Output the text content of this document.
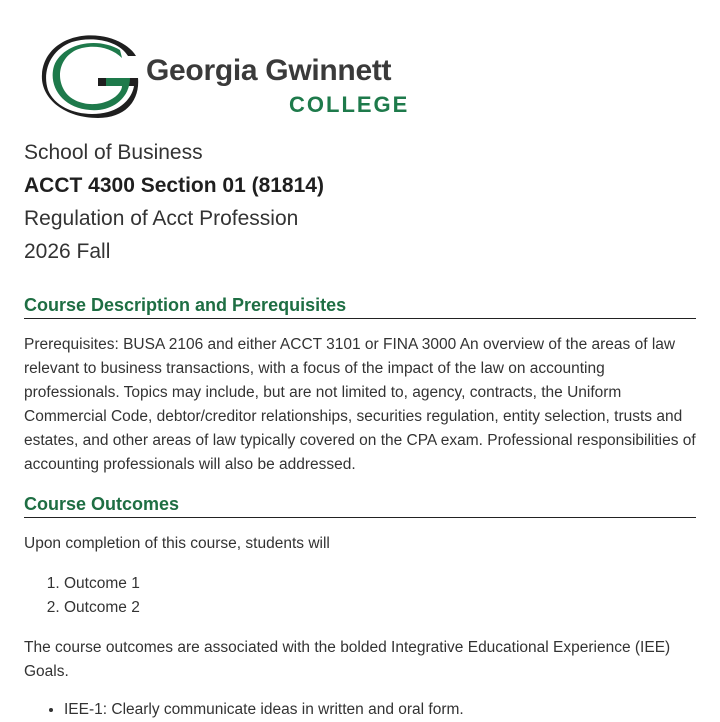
Georgia Gwinnett
COLLEGE
School of Business
ACCT 4300 Section 01 (81814)
Regulation of Acct Profession
2026 Fall
Course Description and Prerequisites
Prerequisites: BUSA 2106 and either ACCT 3101 or FINA 3000 An overview of the areas of law relevant to business transactions, with a focus of the impact of the law on accounting professionals. Topics may include, but are not limited to, agency, contracts, the Uniform Commercial Code, debtor/creditor relationships, securities regulation, entity selection, trusts and estates, and other areas of law typically covered on the CPA exam. Professional responsibilities of accounting professionals will also be addressed.
Course Outcomes
Upon completion of this course, students will
1. Outcome 1
2. Outcome 2
The course outcomes are associated with the bolded Integrative Educational Experience (IEE) Goals.
• IEE-1: Clearly communicate ideas in written and oral form.
